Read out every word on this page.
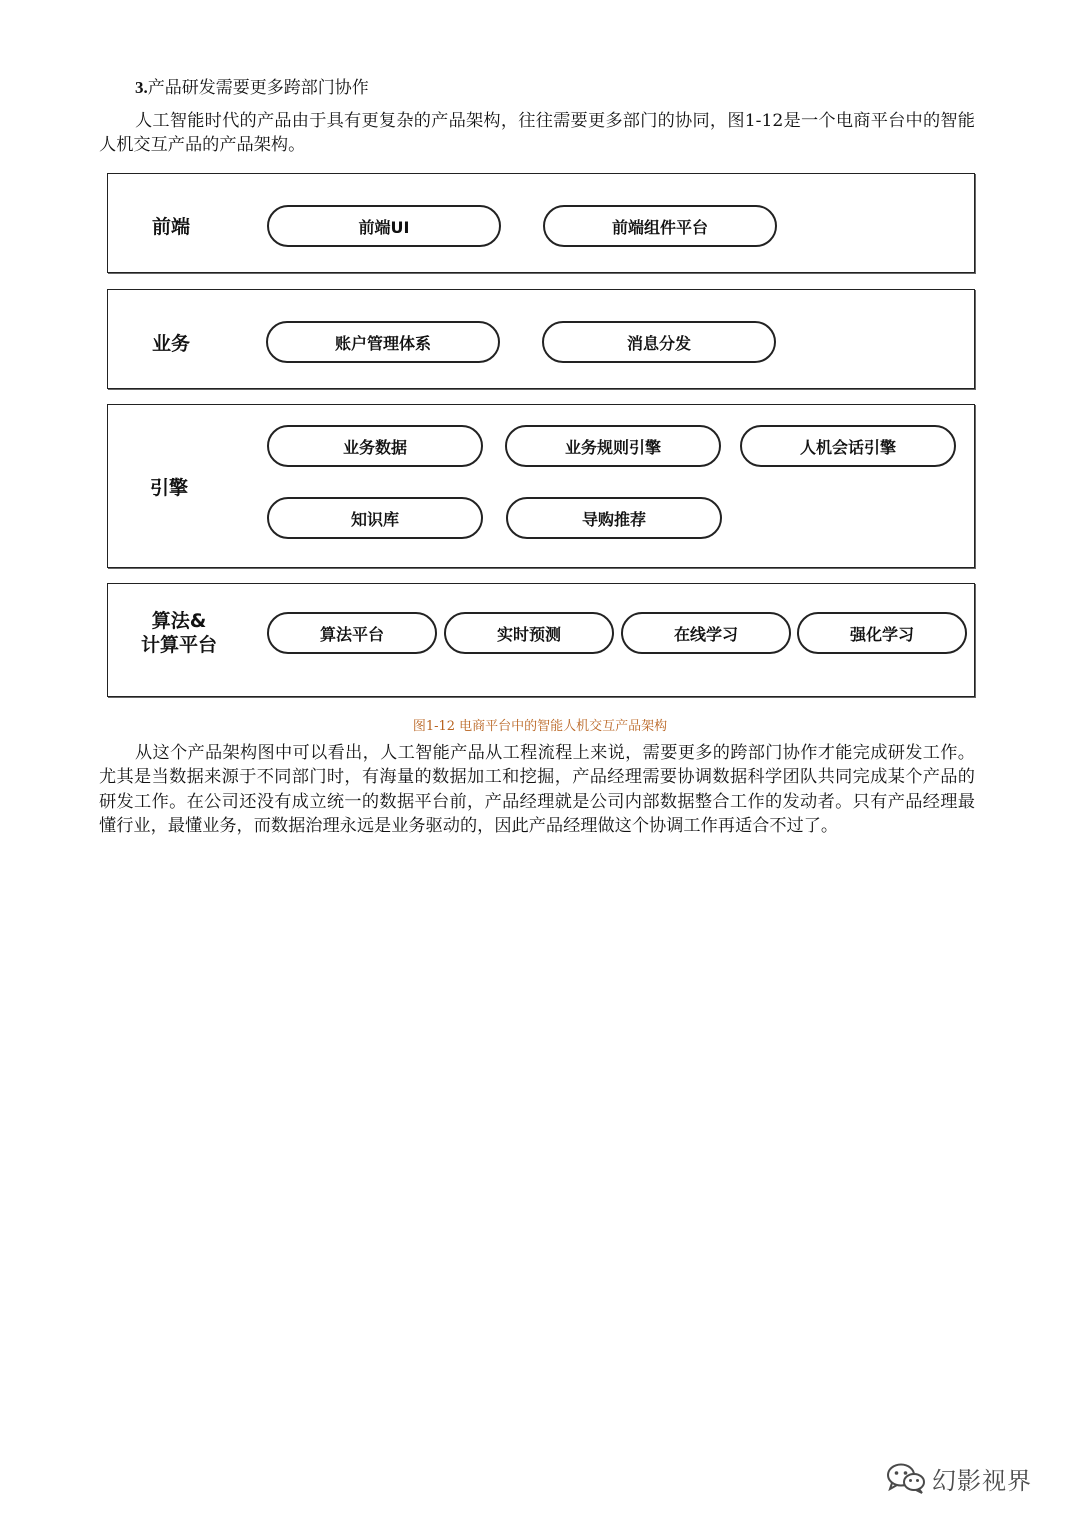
3.产品研发需要更多跨部门协作

人工智能时代的产品由于具有更复杂的产品架构，往往需要更多部门的协同，图1-12是一个电商平台中的智能人机交互产品的产品架构。

前端	前端UI	前端组件平台
业务	账户管理体系	消息分发
引擎
业务数据	业务规则引擎	人机会话引擎
知识库	导购推荐
算法&
计算平台	算法平台	实时预测	在线学习	强化学习
图1-12 电商平台中的智能人机交互产品架构

从这个产品架构图中可以看出，人工智能产品从工程流程上来说，需要更多的跨部门协作才能完成研发工作。尤其是当数据来源于不同部门时，有海量的数据加工和挖掘，产品经理需要协调数据科学团队共同完成某个产品的研发工作。在公司还没有成立统一的数据平台前，产品经理就是公司内部数据整合工作的发动者。只有产品经理最懂行业，最懂业务，而数据治理永远是业务驱动的，因此产品经理做这个协调工作再适合不过了。

幻影视界
